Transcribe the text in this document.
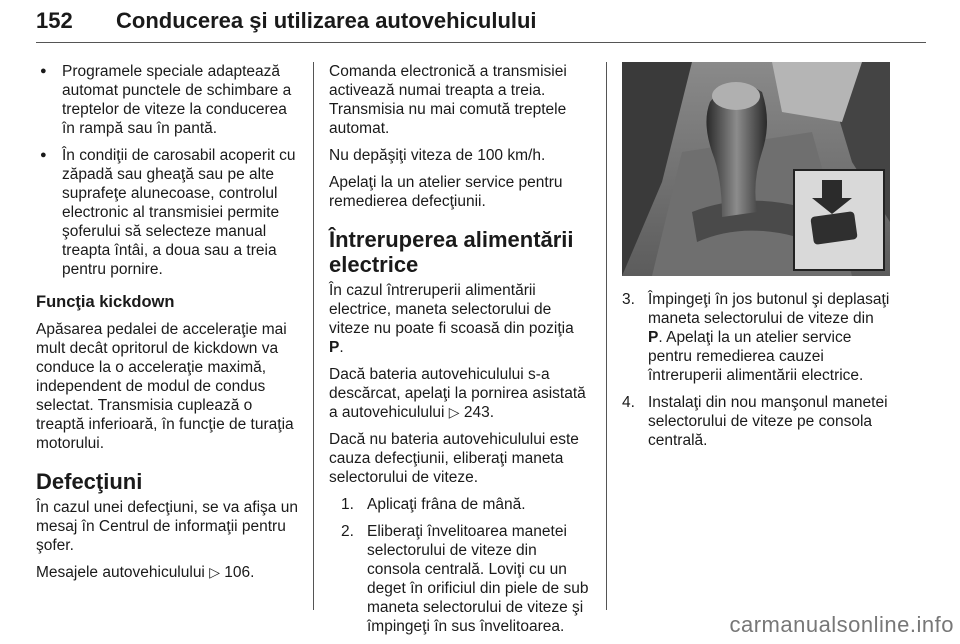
152 Conducerea şi utilizarea autovehiculului
● Programele speciale adaptează automat punctele de schimbare a treptelor de viteze la conducerea în rampă sau în pantă.
● În condiţii de carosabil acoperit cu zăpadă sau gheaţă sau pe alte suprafeţe alunecoase, controlul electronic al transmisiei permite şoferului să selecteze manual treapta întâi, a doua sau a treia pentru pornire.
Funcţia kickdown

Apăsarea pedalei de acceleraţie mai mult decât opritorul de kickdown va conduce la o acceleraţie maximă, independent de modul de condus selectat. Transmisia cuplează o treaptă inferioară, în funcţie de turaţia motorului.

Defecţiuni

În cazul unei defecţiuni, se va afişa un mesaj în Centrul de informaţii pentru şofer.

Mesajele autovehiculului ▷ 106.

Comanda electronică a transmisiei activează numai treapta a treia. Transmisia nu mai comută treptele automat.

Nu depăşiţi viteza de 100 km/h.

Apelaţi la un atelier service pentru remedierea defecţiunii.

Întreruperea alimentării electrice

În cazul întreruperii alimentării electrice, maneta selectorului de viteze nu poate fi scoasă din poziţia P.

Dacă bateria autovehiculului s-a descărcat, apelaţi la pornirea asistată a autovehiculului ▷ 243.

Dacă nu bateria autovehiculului este cauza defecţiunii, eliberaţi maneta selectorului de viteze.

1. Aplicaţi frâna de mână.
2. Eliberaţi învelitoarea manetei selectorului de viteze din consola centrală. Loviţi cu un deget în orificiul din piele de sub maneta selectorului de viteze şi împingeţi în sus învelitoarea.
3. Împingeţi în jos butonul şi deplasaţi maneta selectorului de viteze din P. Apelaţi la un atelier service pentru remedierea cauzei întreruperii alimentării electrice.
4. Instalaţi din nou manşonul manetei selectorului de viteze pe consola centrală.
carmanualsonline.info
